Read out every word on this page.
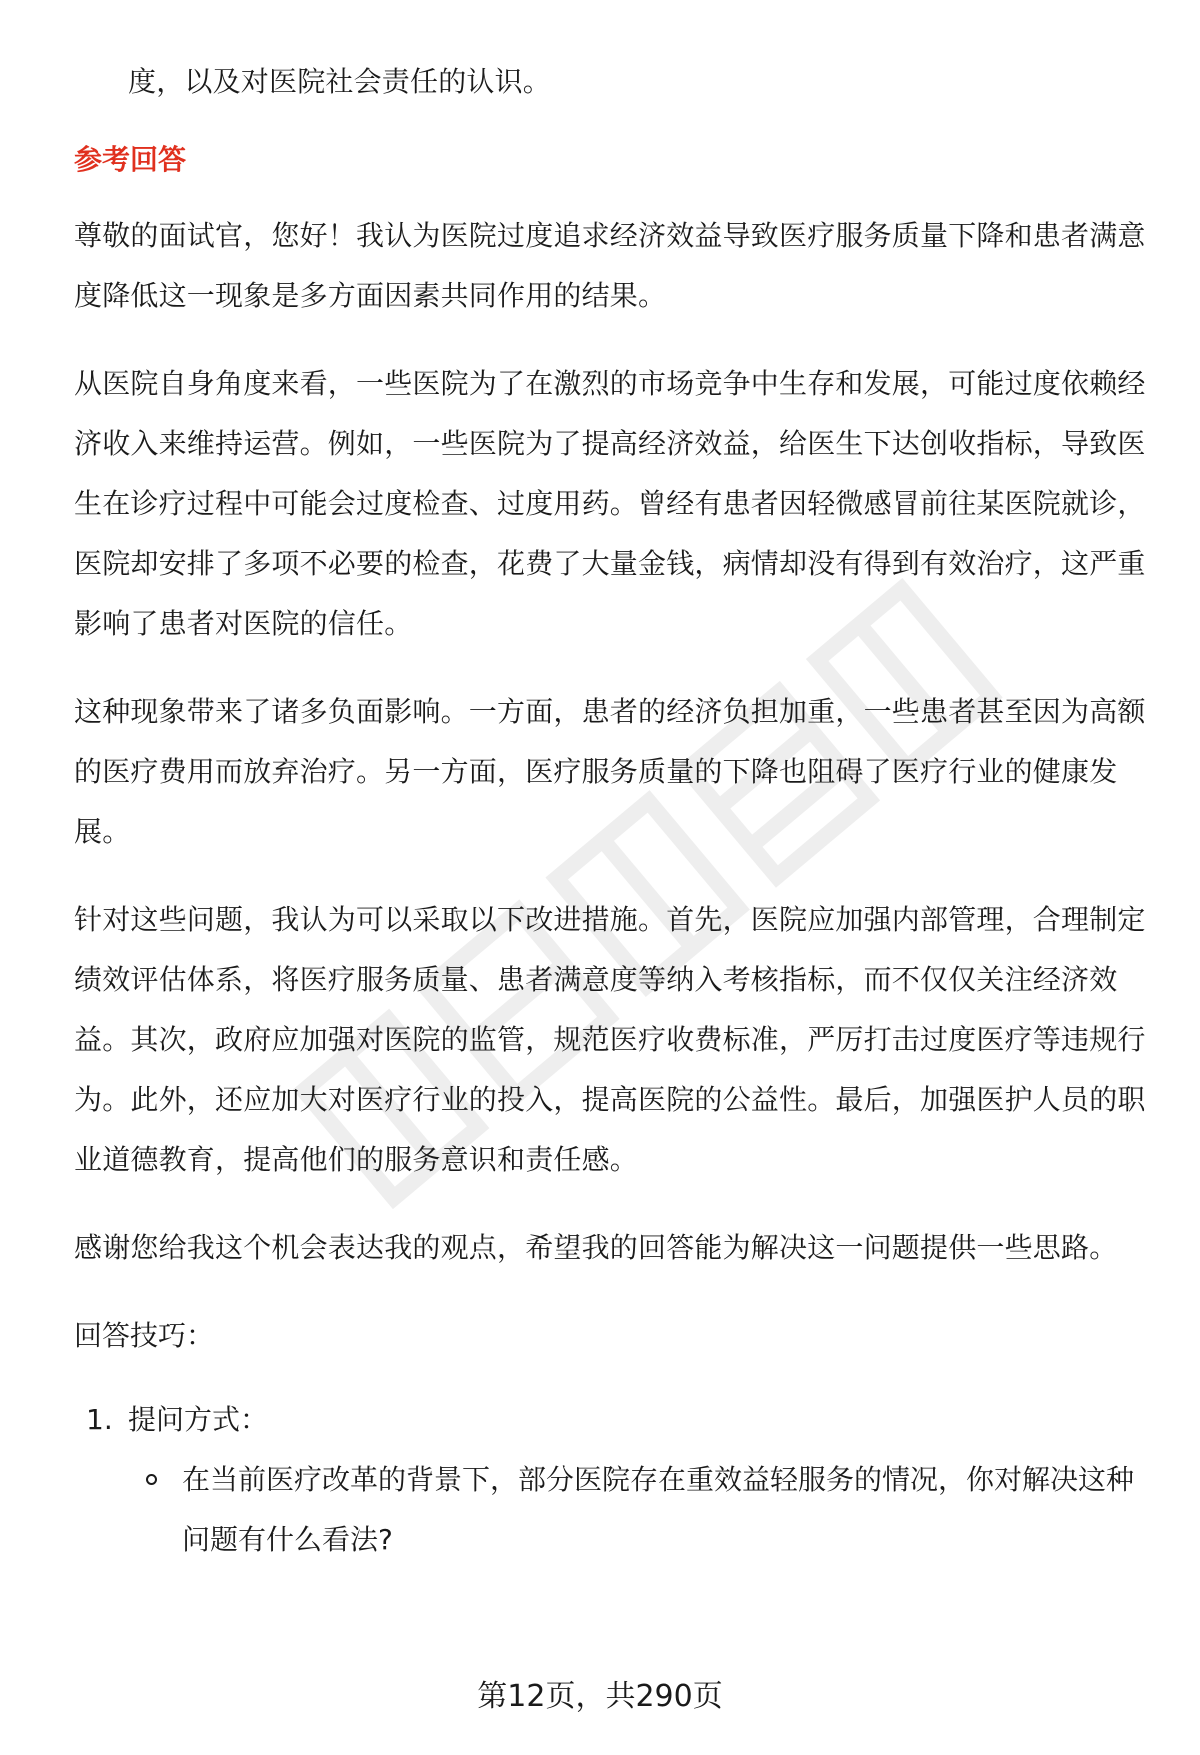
度，以及对医院社会责任的认识。
参考回答
尊敬的面试官，您好！我认为医院过度追求经济效益导致医疗服务质量下降和患者满意度降低这一现象是多方面因素共同作用的结果。
从医院自身角度来看，一些医院为了在激烈的市场竞争中生存和发展，可能过度依赖经济收入来维持运营。例如，一些医院为了提高经济效益，给医生下达创收指标，导致医生在诊疗过程中可能会过度检查、过度用药。曾经有患者因轻微感冒前往某医院就诊，医院却安排了多项不必要的检查，花费了大量金钱，病情却没有得到有效治疗，这严重影响了患者对医院的信任。
这种现象带来了诸多负面影响。一方面，患者的经济负担加重，一些患者甚至因为高额的医疗费用而放弃治疗。另一方面，医疗服务质量的下降也阻碍了医疗行业的健康发展。
针对这些问题，我认为可以采取以下改进措施。首先，医院应加强内部管理，合理制定绩效评估体系，将医疗服务质量、患者满意度等纳入考核指标，而不仅仅关注经济效益。其次，政府应加强对医院的监管，规范医疗收费标准，严厉打击过度医疗等违规行为。此外，还应加大对医疗行业的投入，提高医院的公益性。最后，加强医护人员的职业道德教育，提高他们的服务意识和责任感。
感谢您给我这个机会表达我的观点，希望我的回答能为解决这一问题提供一些思路。
回答技巧：
1. 提问方式：
在当前医疗改革的背景下，部分医院存在重效益轻服务的情况，你对解决这种问题有什么看法?
第12页，共290页
